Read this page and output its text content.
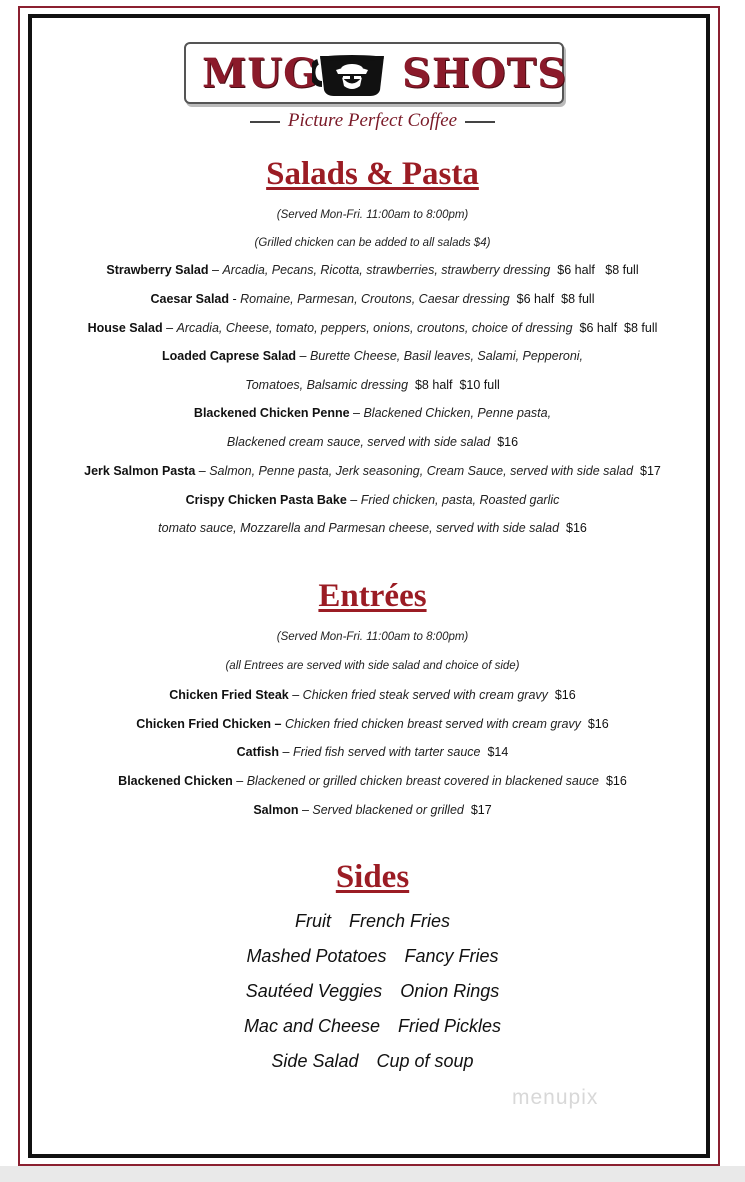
MUG SHOTS
Picture Perfect Coffee
Salads & Pasta
(Served Mon-Fri. 11:00am to 8:00pm)
(Grilled chicken can be added to all salads $4)
Strawberry Salad – Arcadia, Pecans, Ricotta, strawberries, strawberry dressing $6 half   $8 full
Caesar Salad - Romaine, Parmesan, Croutons, Caesar dressing $6 half  $8 full
House Salad – Arcadia, Cheese, tomato, peppers, onions, croutons, choice of dressing $6 half  $8 full
Loaded Caprese Salad – Burette Cheese, Basil leaves, Salami, Pepperoni,
Tomatoes, Balsamic dressing $8 half  $10 full
Blackened Chicken Penne – Blackened Chicken, Penne pasta,
Blackened cream sauce, served with side salad $16
Jerk Salmon Pasta – Salmon, Penne pasta, Jerk seasoning, Cream Sauce, served with side salad $17
Crispy Chicken Pasta Bake – Fried chicken, pasta, Roasted garlic
tomato sauce, Mozzarella and Parmesan cheese, served with side salad $16
Entrées
(Served Mon-Fri. 11:00am to 8:00pm)
(all Entrees are served with side salad and choice of side)
Chicken Fried Steak – Chicken fried steak served with cream gravy $16
Chicken Fried Chicken – Chicken fried chicken breast served with cream gravy $16
Catfish – Fried fish served with tarter sauce $14
Blackened Chicken – Blackened or grilled chicken breast covered in blackened sauce $16
Salmon – Served blackened or grilled $17
Sides
Fruit French Fries
Mashed Potatoes Fancy Fries
Sautéed Veggies Onion Rings
Mac and Cheese Fried Pickles
Side Salad Cup of soup
menupix
